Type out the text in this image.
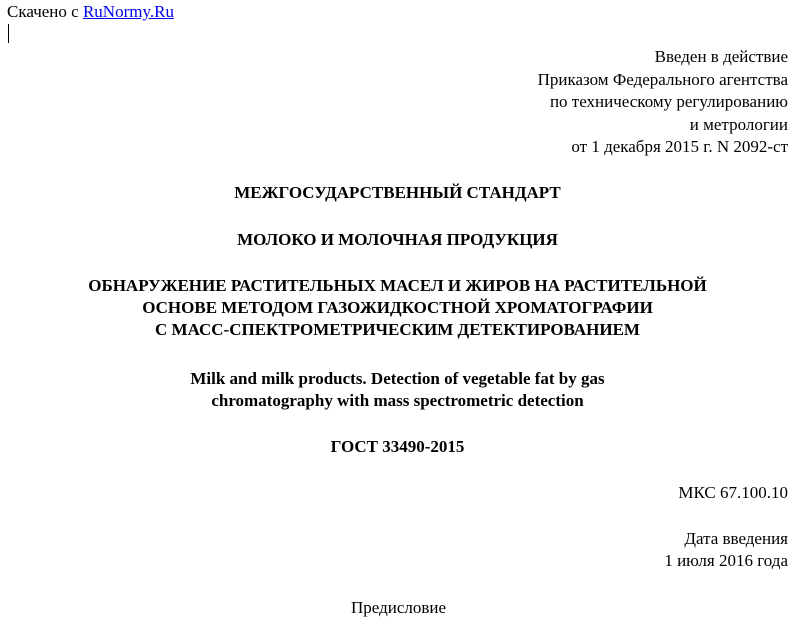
Скачено с RuNormy.Ru
Введен в действие
Приказом Федерального агентства
по техническому регулированию
и метрологии
от 1 декабря 2015 г. N 2092-ст
МЕЖГОСУДАРСТВЕННЫЙ СТАНДАРТ
МОЛОКО И МОЛОЧНАЯ ПРОДУКЦИЯ
ОБНАРУЖЕНИЕ РАСТИТЕЛЬНЫХ МАСЕЛ И ЖИРОВ НА РАСТИТЕЛЬНОЙ
ОСНОВЕ МЕТОДОМ ГАЗОЖИДКОСТНОЙ ХРОМАТОГРАФИИ
С МАСС-СПЕКТРОМЕТРИЧЕСКИМ ДЕТЕКТИРОВАНИЕМ
Milk and milk products. Detection of vegetable fat by gas
chromatography with mass spectrometric detection
ГОСТ 33490-2015
МКС 67.100.10
Дата введения
1 июля 2016 года
Предисловие
